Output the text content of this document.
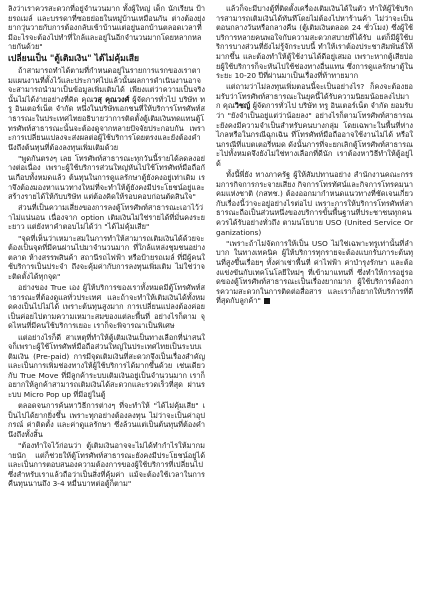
ลิงว่าเราควรสะดวกที่อยู่จำนวนมาก ทั้งผู้ใหญ่ เด็ก นักเรียน ป้ายรถเมล์ และบรรดาที่ซอยย่อยในหมู่บ้านเหมือนกัน ต่างต้องยุ่งยากวุ่นวายกับการต้องกลับเข้าบ้านแต่อยู่นอกบ้านตลอดเวลาที่มีอะไรจะต้องไปทำที่ใกล้และอยู่ในอีกจำนวนมากโดยหลากหลายกันด้วย"

เปลี่ยนเป็น "ตู้เติมเงิน" ได้ไม่คุ้มเสีย

ถ้าสามารถทำได้ตามที่กำหนดอยู่ในรายการแรกของเราตามแผนงานที่ตั้งไว้และประกาศไปแล้วนั้นผลการดำเนินงานอาจจะสามารถนำมาเป็นข้อมูลเพิ่มเติมได้ เพียงแต่ว่าความเป็นจริงนั้นไม่ได้ง่ายอย่างที่คิด คุณวสุ คุณวงศ์ ผู้จัดการทั่วไป บริษัท ทรู อินเตอร์เน็ต จำกัด หนึ่งในบริษัทเอกชนที่ให้บริการโทรศัพท์สาธารณะในประเทศไทยอธิบายว่าการติดตั้งตู้เติมเงินทดแทนตู้โทรศัพท์สาธารณะนั้นจะต้องดูจากหลายปัจจัยประกอบกัน เพราะการเปลี่ยนแปลงจะส่งผลต่อผู้ใช้บริการโดยตรงและยังต้องคำนึงถึงต้นทุนที่ต้องลงทุนเพิ่มเติมด้วย

"พูดกันตรงๆ เลย โทรศัพท์สาธารณะทุกวันนี้รายได้ลดลงอย่างต่อเนื่อง เพราะผู้ใช้บริการส่วนใหญ่หันไปใช้โทรศัพท์มือถือกันเกือบทั้งหมดแล้ว ต้นทุนในการดูแลรักษาตู้ยังคงอยู่เท่าเดิม เราจึงต้องมองหาแนวทางใหม่ที่จะทำให้ตู้ยังคงมีประโยชน์อยู่และสร้างรายได้ให้กับบริษัท แต่ต้องคิดให้รอบคอบก่อนตัดสินใจ"

ส่วนที่เป็นความเสี่ยงของการลงตู้โทรศัพท์สาธารณะเอาไว้ว่าไม่แน่นอน เนื่องจาก option เติมเงินไม่ใช่รายได้ที่มั่นคงระยะยาว แต่ยังหาคำตอบไม่ได้ว่า "ได้ไม่คุ้มเสีย"

"จุดที่เห็นว่าเหมาะสมในการทำให้สามารถเติมเงินได้ด้วยจะต้องเป็นจุดที่มีคนผ่านไปมาจำนวนมาก ที่ใกล้แหล่งชุมชนอย่างตลาด ห้างสรรพสินค้า สถานีรถไฟฟ้า หรือป้ายรถเมล์ ที่มีผู้คนใช้บริการเป็นประจำ ถึงจะคุ้มค่ากับการลงทุนเพิ่มเติม ไม่ใช่ว่าจะติดตั้งได้ทุกจุด"

อย่างของ True เอง ผู้ให้บริการของเราทั้งหมดมีตู้โทรศัพท์สาธารณะที่ต้องดูแลทั่วประเทศ และถ้าจะทำให้เติมเงินได้ทั้งหมดคงเป็นไปไม่ได้ เพราะต้นทุนสูงมาก การเปลี่ยนแปลงต้องค่อยเป็นค่อยไปตามความเหมาะสมของแต่ละพื้นที่ อย่างไรก็ตาม จุดไหนที่มีคนใช้บริการเยอะ เราก็จะพิจารณาเป็นพิเศษ

แต่อย่างไรก็ดี สาเหตุที่ทำให้ตู้เติมเงินเป็นทางเลือกที่น่าสนใจก็เพราะผู้ใช้โทรศัพท์มือถือส่วนใหญ่ในประเทศไทยเป็นระบบเติมเงิน (Pre-paid) การมีจุดเติมเงินที่สะดวกจึงเป็นเรื่องสำคัญ และเป็นการเพิ่มช่องทางให้ผู้ใช้บริการได้มากขึ้นด้วย เช่นเดียวกับ True Move ที่มีลูกค้าระบบเติมเงินอยู่เป็นจำนวนมาก เราก็อยากให้ลูกค้าสามารถเติมเงินได้สะดวกและรวดเร็วที่สุด ผ่านระบบ Micro Pop up ที่มีอยู่ในตู้

ตลอดจนการค้นหาวิธีการต่างๆ ที่จะทำให้ "ได้ไม่คุ้มเสีย" เป็นไปได้ยากยิ่งขึ้น เพราะทุกอย่างต้องลงทุน ไม่ว่าจะเป็นค่าอุปกรณ์ ค่าติดตั้ง และค่าดูแลรักษา ซึ่งล้วนแต่เป็นต้นทุนที่ต้องคำนึงถึงทั้งสิ้น

"ต้องทำใจไว้ก่อนว่า ตู้เติมเงินอาจจะไม่ได้ทำกำไรให้มากมายนัก แต่ก็ช่วยให้ตู้โทรศัพท์สาธารณะยังคงมีประโยชน์อยู่ได้ และเป็นการตอบสนองความต้องการของผู้ใช้บริการที่เปลี่ยนไป ซึ่งสำหรับเราแล้วถือว่าเป็นสิ่งที่คุ้มค่า แม้จะต้องใช้เวลาในการคืนทุนนานถึง 3-4 หมื่นบาทต่อตู้ก็ตาม"

แล้วก็จะมีบางตู้ที่ติดตั้งเครื่องเติมเงินได้ในตัว ทำให้ผู้ใช้บริการสามารถเติมเงินได้ทันทีโดยไม่ต้องไปหาร้านค้า ไม่ว่าจะเป็นตอนกลางวันหรือกลางคืน (ตู้เติมเงินตลอด 24 ชั่วโมง) ซึ่งผู้ใช้บริการหลายคนพอใจกับความสะดวกสบายที่ได้รับ แต่ก็มีผู้ใช้บริการบางส่วนที่ยังไม่รู้จักระบบนี้ ทำให้เราต้องประชาสัมพันธ์ให้มากขึ้น และต้องทำให้ตู้ใช้งานได้ดีอยู่เสมอ เพราะหากตู้เสียบ่อยผู้ใช้บริการก็จะหันไปใช้ช่องทางอื่นแทน ซึ่งการดูแลรักษาตู้ในระยะ 10-20 ปีที่ผ่านมาเป็นเรื่องที่ท้าทายมาก

แต่ถามว่าไม่ลงทุนเพิ่มตอนนี้จะเป็นอย่างไร? ก็คงจะต้องยอมรับว่าโทรศัพท์สาธารณะในยุคนี้ได้รับความนิยมน้อยลงไปมาก คุณวิชญ์ ผู้จัดการทั่วไป บริษัท ทรู อินเตอร์เน็ต จำกัด ยอมรับว่า "ยังจำเป็นอยู่แต่ว่าน้อยลง" อย่างไรก็ตามโทรศัพท์สาธารณะยังคงมีความจำเป็นสำหรับคนบางกลุ่ม โดยเฉพาะในพื้นที่ห่างไกลหรือในกรณีฉุกเฉิน ที่โทรศัพท์มือถืออาจใช้งานไม่ได้ หรือในกรณีที่แบตเตอรี่หมด ดังนั้นการที่จะยกเลิกตู้โทรศัพท์สาธารณะไปทั้งหมดจึงยังไม่ใช่ทางเลือกที่ดีนัก เราต้องหาวิธีทำให้ตู้อยู่ได้

ทั้งนี้พี่ยัง ทางภาครัฐ ผู้ให้สัมปทานอย่าง สำนักงานคณะกรรมการกิจการกระจายเสียง กิจการโทรทัศน์และกิจการโทรคมนาคมแห่งชาติ (กสทช.) ต้องออกมากำหนดแนวทางที่ชัดเจนเกี่ยวกับเรื่องนี้ว่าจะอยู่อย่างไรต่อไป เพราะการให้บริการโทรศัพท์สาธารณะถือเป็นส่วนหนึ่งของบริการขั้นพื้นฐานที่ประชาชนทุกคนควรได้รับอย่างทั่วถึง ตามนโยบาย USO (United Service Organizations)

"เพราะถ้าไม่จัดการให้เป็น USO ไม่ใช่เฉพาะทรูเท่านั้นที่ลำบาก ในทางเทคนิค ผู้ให้บริการทุกรายจะต้องแบกรับภาระต้นทุนที่สูงขึ้นเรื่อยๆ ทั้งค่าเช่าพื้นที่ ค่าไฟฟ้า ค่าบำรุงรักษา และต้องแข่งขันกับเทคโนโลยีใหม่ๆ ที่เข้ามาแทนที่ ซึ่งทำให้การอยู่รอดของตู้โทรศัพท์สาธารณะเป็นเรื่องยากมาก ผู้ใช้บริการต้องการความสะดวกในการติดต่อสื่อสาร และเราก็อยากให้บริการที่ดีที่สุดกับลูกค้า"
